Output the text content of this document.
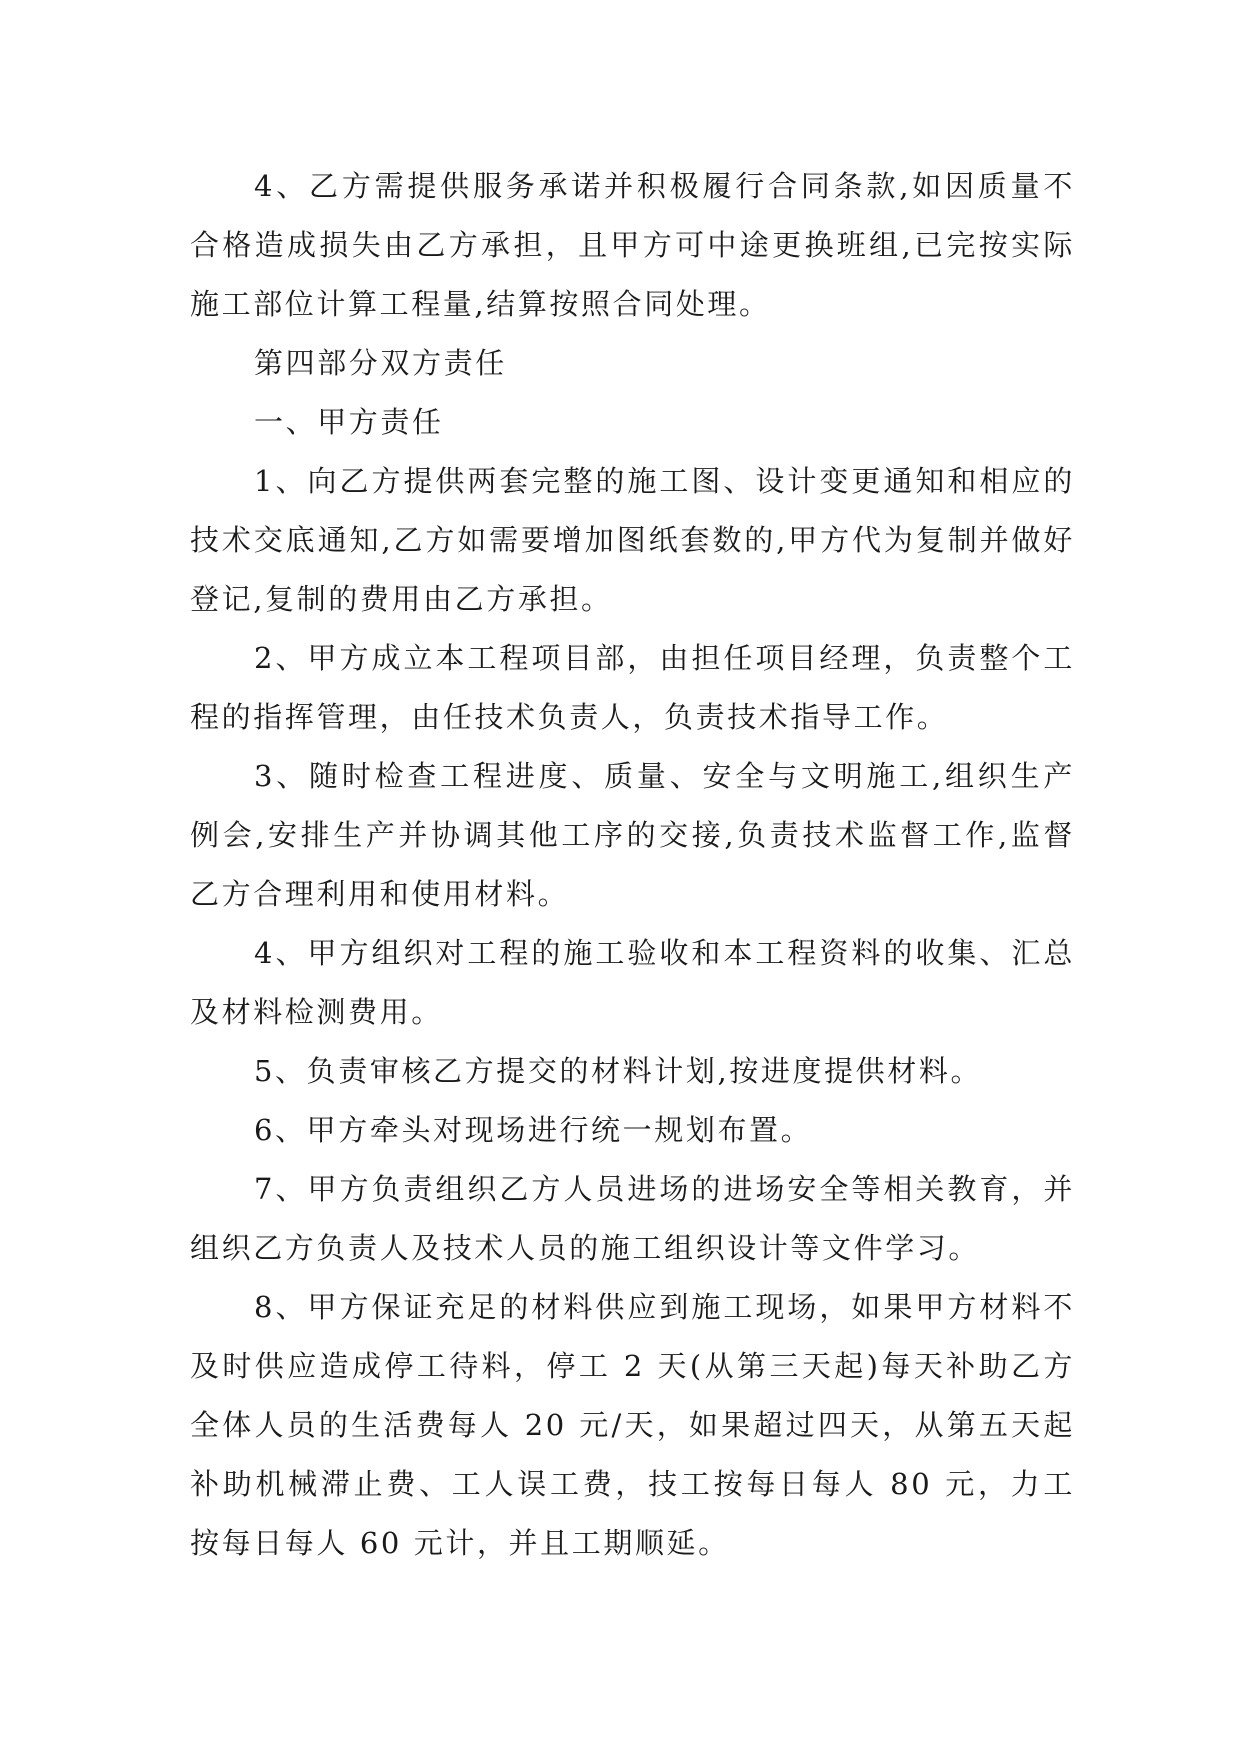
4、乙方需提供服务承诺并积极履行合同条款,如因质量不合格造成损失由乙方承担，且甲方可中途更换班组,已完按实际施工部位计算工程量,结算按照合同处理。

第四部分双方责任

一、甲方责任

1、向乙方提供两套完整的施工图、设计变更通知和相应的技术交底通知,乙方如需要增加图纸套数的,甲方代为复制并做好登记,复制的费用由乙方承担。

2、甲方成立本工程项目部，由担任项目经理，负责整个工程的指挥管理，由任技术负责人，负责技术指导工作。

3、随时检查工程进度、质量、安全与文明施工,组织生产例会,安排生产并协调其他工序的交接,负责技术监督工作,监督乙方合理利用和使用材料。

4、甲方组织对工程的施工验收和本工程资料的收集、汇总及材料检测费用。

5、负责审核乙方提交的材料计划,按进度提供材料。

6、甲方牵头对现场进行统一规划布置。

7、甲方负责组织乙方人员进场的进场安全等相关教育，并组织乙方负责人及技术人员的施工组织设计等文件学习。

8、甲方保证充足的材料供应到施工现场，如果甲方材料不及时供应造成停工待料，停工 2 天(从第三天起)每天补助乙方全体人员的生活费每人 20 元/天，如果超过四天，从第五天起补助机械滞止费、工人误工费，技工按每日每人 80 元，力工按每日每人 60 元计，并且工期顺延。
